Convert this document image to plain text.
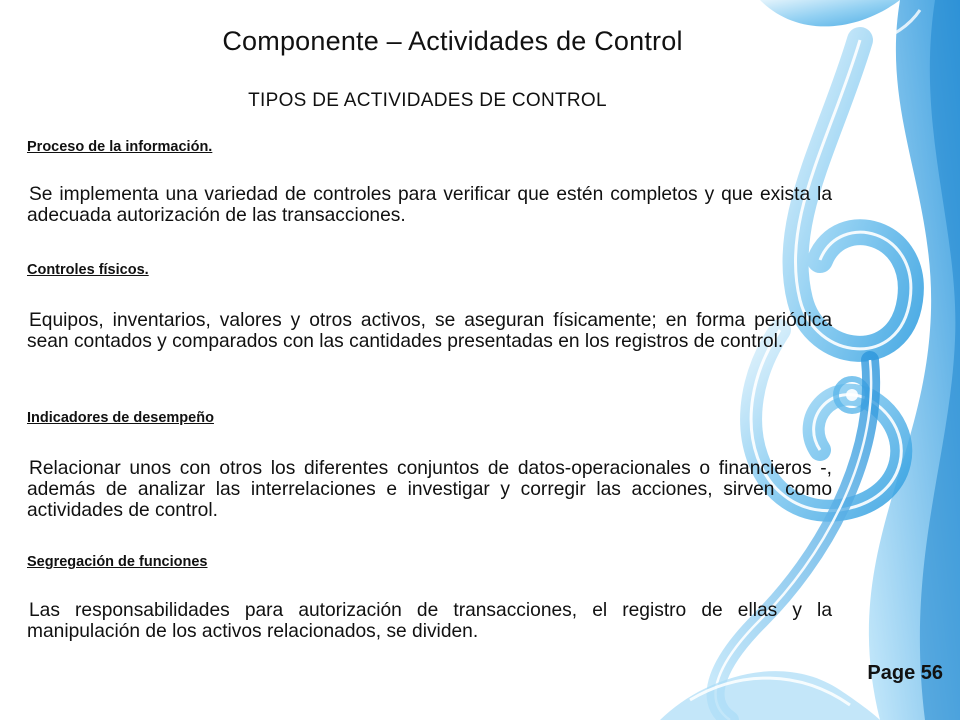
Componente – Actividades de Control
TIPOS DE ACTIVIDADES DE CONTROL
Proceso de la información.
Se implementa una variedad de controles para verificar que estén completos y que exista la adecuada autorización de las transacciones.
Controles físicos.
Equipos, inventarios, valores y otros activos, se aseguran físicamente; en forma periódica sean contados y comparados con las cantidades presentadas en los registros de control.
Indicadores de desempeño
Relacionar unos con otros los diferentes conjuntos de datos-operacionales o financieros -, además de analizar las interrelaciones e investigar y corregir las acciones, sirven como actividades de control.
Segregación de funciones
Las responsabilidades para autorización de transacciones, el registro de ellas y la manipulación de los activos relacionados, se dividen.
Page 56
